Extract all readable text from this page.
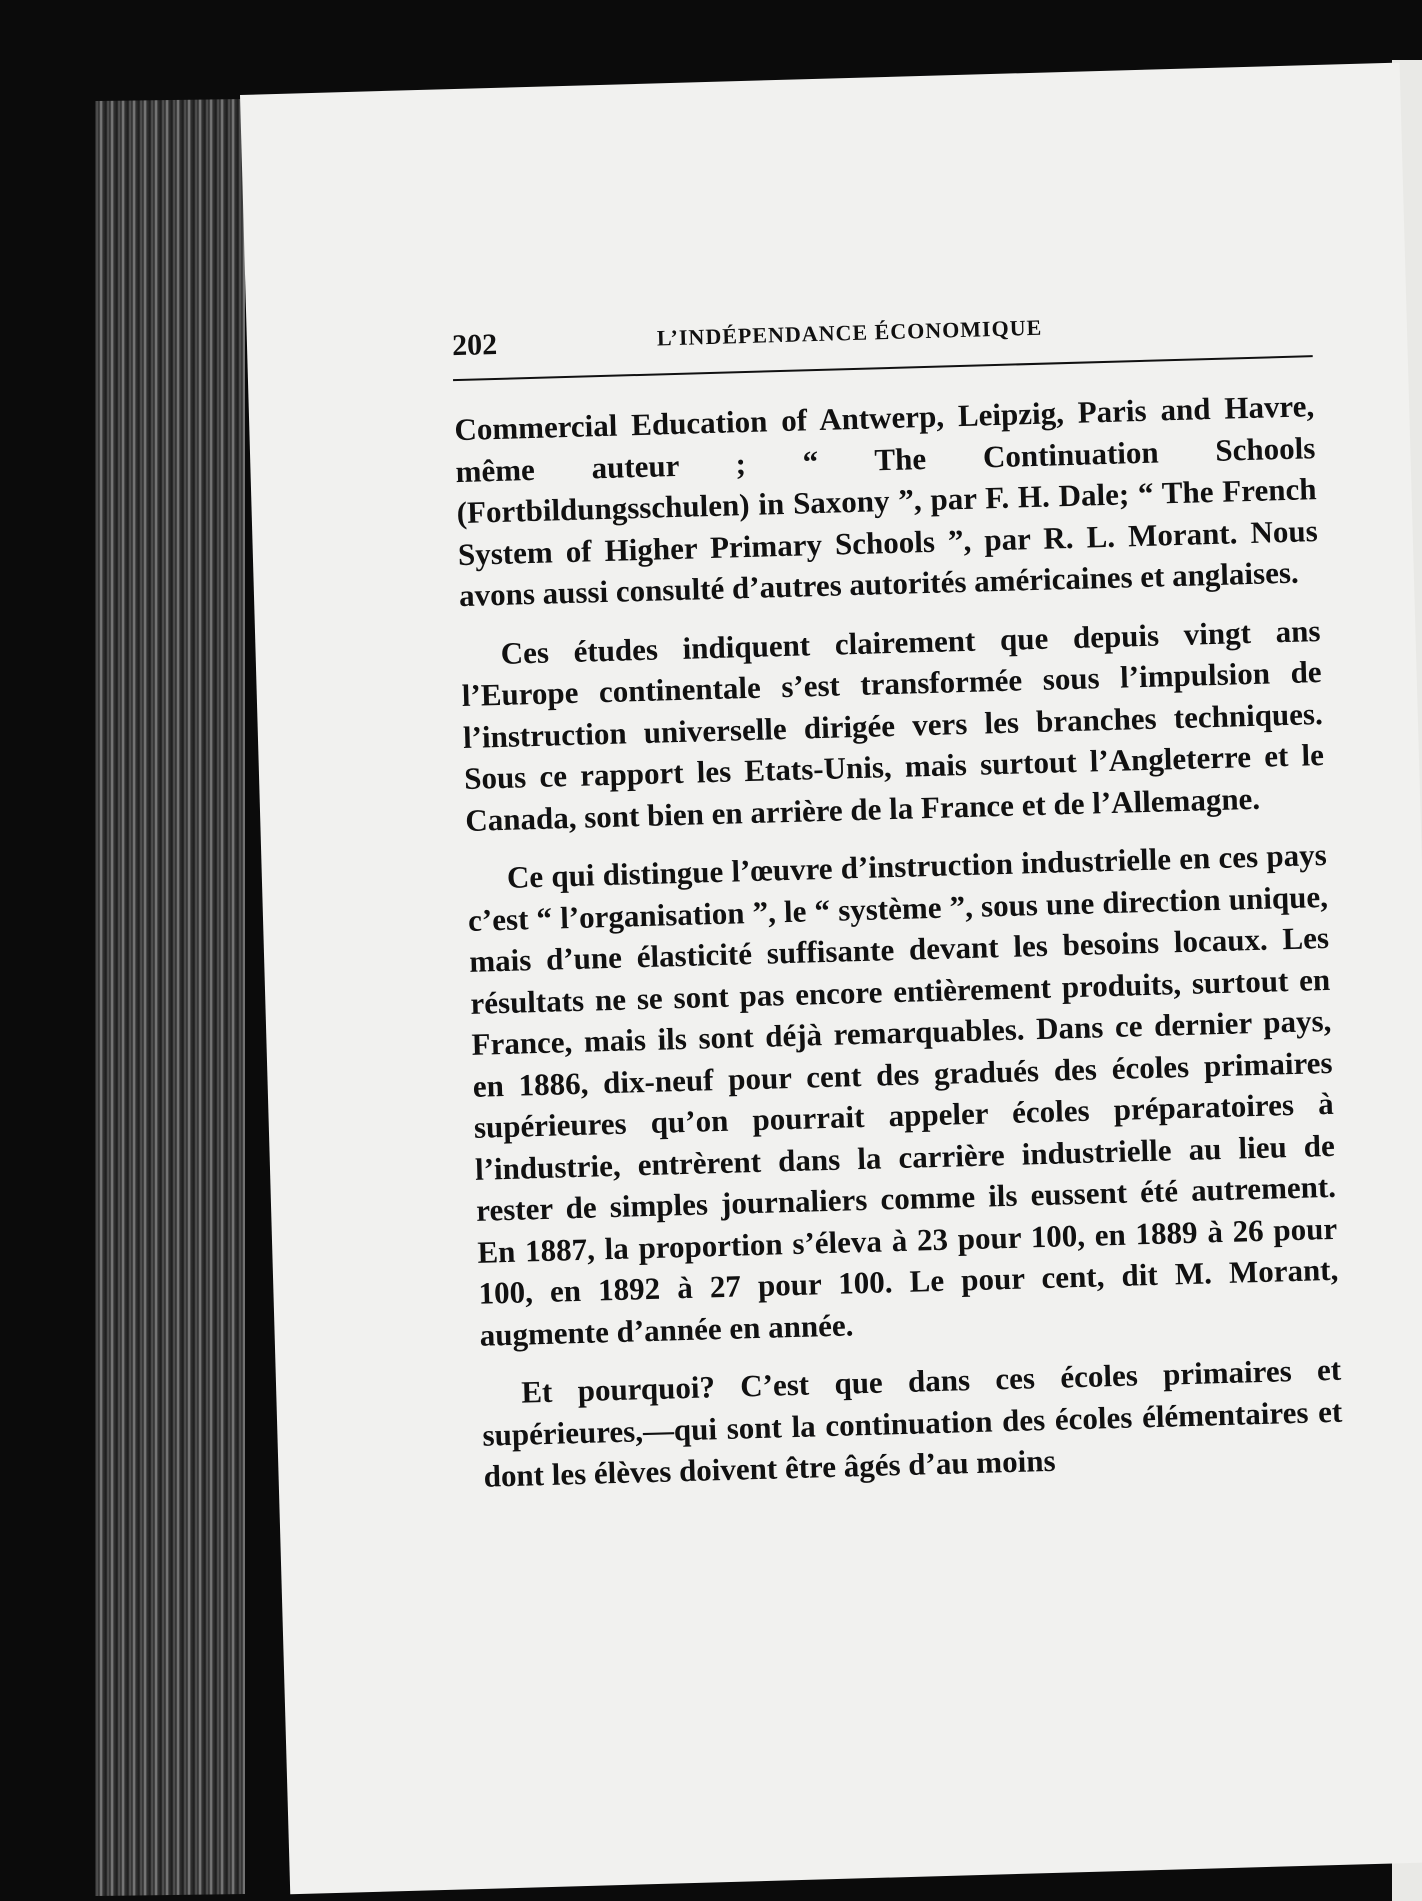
202	L’INDÉPENDANCE ÉCONOMIQUE

Commercial Education of Antwerp, Leipzig, Paris and Havre, même auteur ; “ The Continuation Schools (Fortbildungsschulen) in Saxony ”, par F. H. Dale; “ The French System of Higher Primary Schools ”, par R. L. Morant. Nous avons aussi consulté d’autres autorités américaines et anglaises.

Ces études indiquent clairement que depuis vingt ans l’Europe continentale s’est transformée sous l’impulsion de l’instruction universelle dirigée vers les branches techniques. Sous ce rapport les Etats-Unis, mais surtout l’Angleterre et le Canada, sont bien en arrière de la France et de l’Allemagne.

Ce qui distingue l’œuvre d’instruction industrielle en ces pays c’est “ l’organisation ”, le “ système ”, sous une direction unique, mais d’une élasticité suffisante devant les besoins locaux. Les résultats ne se sont pas encore entièrement produits, surtout en France, mais ils sont déjà remarquables. Dans ce dernier pays, en 1886, dix-neuf pour cent des gradués des écoles primaires supérieures qu’on pourrait appeler écoles préparatoires à l’industrie, entrèrent dans la carrière industrielle au lieu de rester de simples journaliers comme ils eussent été autrement. En 1887, la proportion s’éleva à 23 pour 100, en 1889 à 26 pour 100, en 1892 à 27 pour 100. Le pour cent, dit M. Morant, augmente d’année en année.

Et pourquoi? C’est que dans ces écoles primaires et supérieures,—qui sont la continuation des écoles élémentaires et dont les élèves doivent être âgés d’au moins
